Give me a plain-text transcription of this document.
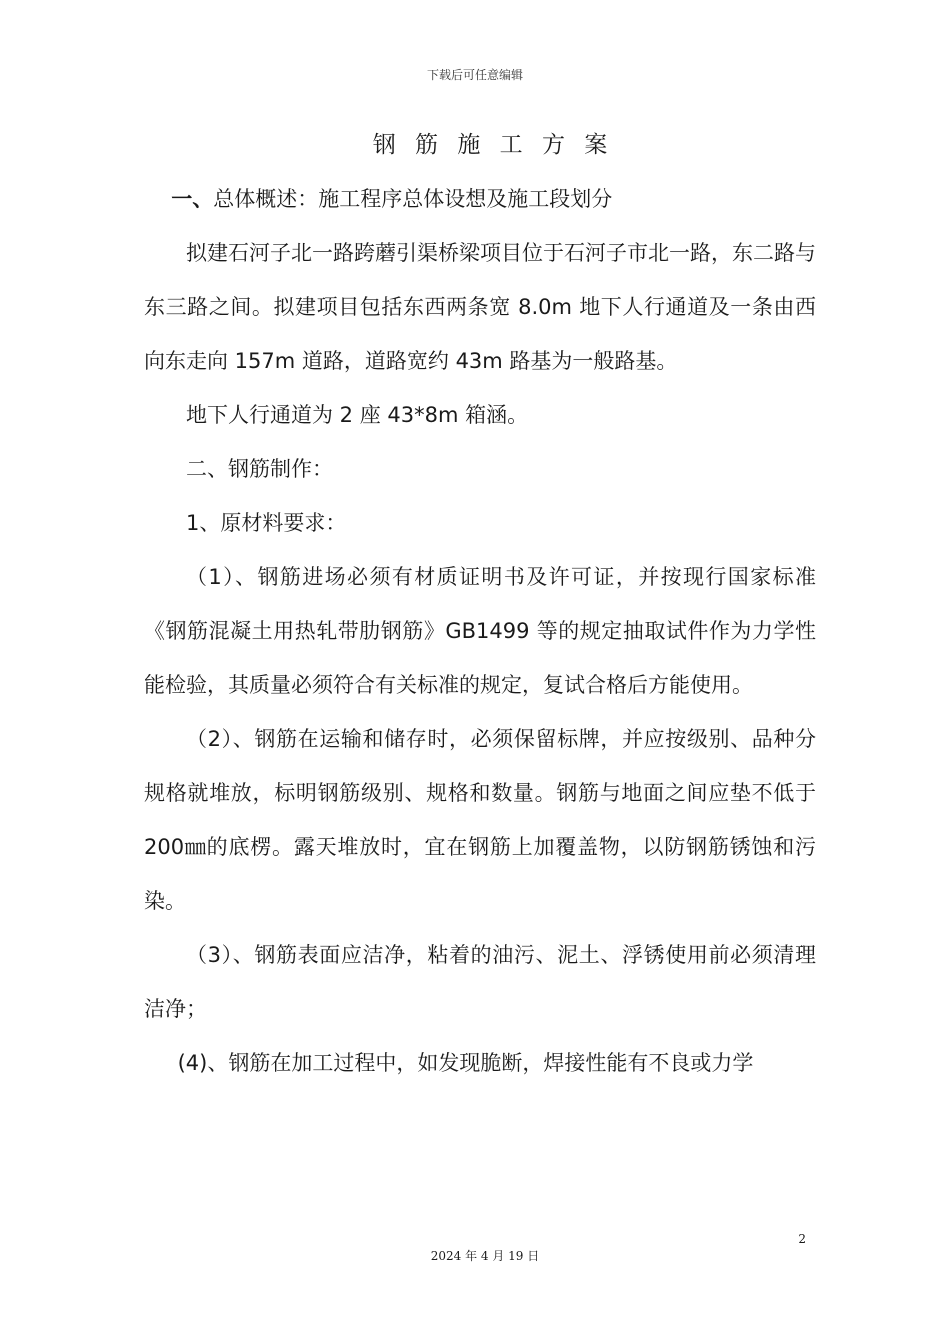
下载后可任意编辑
钢 筋 施 工 方 案

一、总体概述：施工程序总体设想及施工段划分

拟建石河子北一路跨蘑引渠桥梁项目位于石河子市北一路，东二路与东三路之间。拟建项目包括东西两条宽 8.0m 地下人行通道及一条由西向东走向 157m 道路，道路宽约 43m 路基为一般路基。

地下人行通道为 2 座 43*8m 箱涵。

二、钢筋制作：

1、原材料要求：

（1）、钢筋进场必须有材质证明书及许可证，并按现行国家标准《钢筋混凝土用热轧带肋钢筋》GB1499 等的规定抽取试件作为力学性能检验，其质量必须符合有关标准的规定，复试合格后方能使用。

（2）、钢筋在运输和储存时，必须保留标牌，并应按级别、品种分规格就堆放，标明钢筋级别、规格和数量。钢筋与地面之间应垫不低于 200㎜的底楞。露天堆放时，宜在钢筋上加覆盖物，以防钢筋锈蚀和污染。

（3）、钢筋表面应洁净，粘着的油污、泥土、浮锈使用前必须清理洁净；

(4)、钢筋在加工过程中，如发现脆断，焊接性能有不良或力学

2
2024 年 4 月 19 日
